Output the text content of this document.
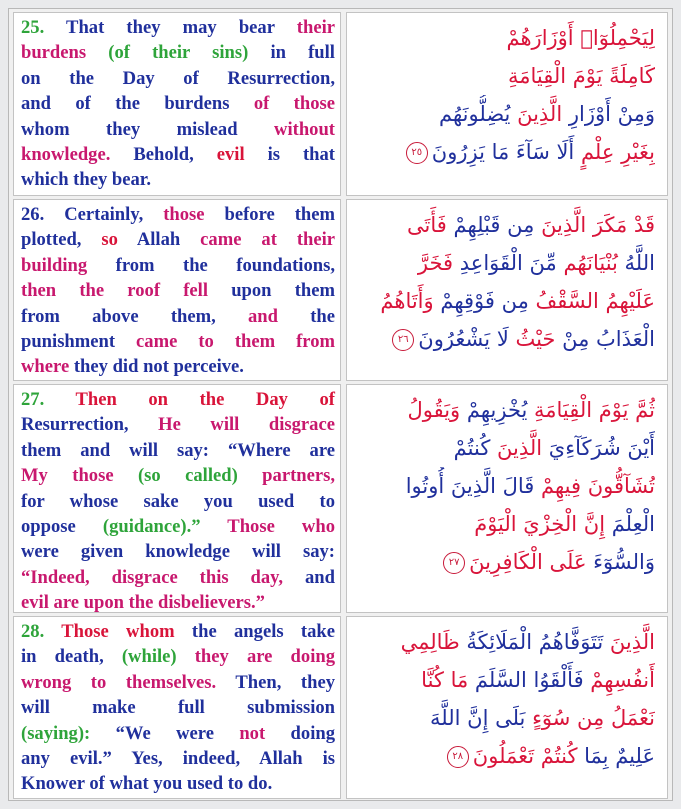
25. That they may bear their
burdens (of their sins) in full
on the Day of Resurrection,
and of the burdens of those
whom they mislead without
knowledge. Behold, evil is that
which they bear.
لِيَحْمِلُوٓا۟ أَوْزَارَهُمْ
كَامِلَةً يَوْمَ الْقِيَامَةِ
وَمِنْ أَوْزَارِ الَّذِينَ يُضِلُّونَهُم
بِغَيْرِ عِلْمٍ أَلَا سَآءَ مَا يَزِرُونَ٢٥
26. Certainly, those before them
plotted, so Allah came at their
building from the foundations,
then the roof fell upon them
from above them, and the
punishment came to them from
where they did not perceive.
قَدْ مَكَرَ الَّذِينَ مِن قَبْلِهِمْ فَأَتَى
اللَّهُ بُنْيَانَهُم مِّنَ الْقَوَاعِدِ فَخَرَّ
عَلَيْهِمُ السَّقْفُ مِن فَوْقِهِمْ وَأَتَاهُمُ
الْعَذَابُ مِنْ حَيْثُ لَا يَشْعُرُونَ٢٦
27. Then on the Day of
Resurrection, He will disgrace
them and will say: “Where are
My those (so called) partners,
for whose sake you used to
oppose (guidance).” Those who
were given knowledge will say:
“Indeed, disgrace this day, and
evil are upon the disbelievers.”
ثُمَّ يَوْمَ الْقِيَامَةِ يُخْزِيهِمْ وَيَقُولُ
أَيْنَ شُرَكَآءِيَ الَّذِينَ كُنتُمْ
تُشَآقُّونَ فِيهِمْ قَالَ الَّذِينَ أُوتُوا
الْعِلْمَ إِنَّ الْخِزْيَ الْيَوْمَ
وَالسُّوٓءَ عَلَى الْكَافِرِينَ٢٧
28. Those whom the angels take
in death, (while) they are doing
wrong to themselves. Then, they
will make full submission
(saying): “We were not doing
any evil.” Yes, indeed, Allah is
Knower of what you used to do.
الَّذِينَ تَتَوَفَّاهُمُ الْمَلَائِكَةُ ظَالِمِي
أَنفُسِهِمْ فَأَلْقَوُا السَّلَمَ مَا كُنَّا
نَعْمَلُ مِن سُوٓءٍ بَلَى إِنَّ اللَّهَ
عَلِيمٌ بِمَا كُنتُمْ تَعْمَلُونَ٢٨
